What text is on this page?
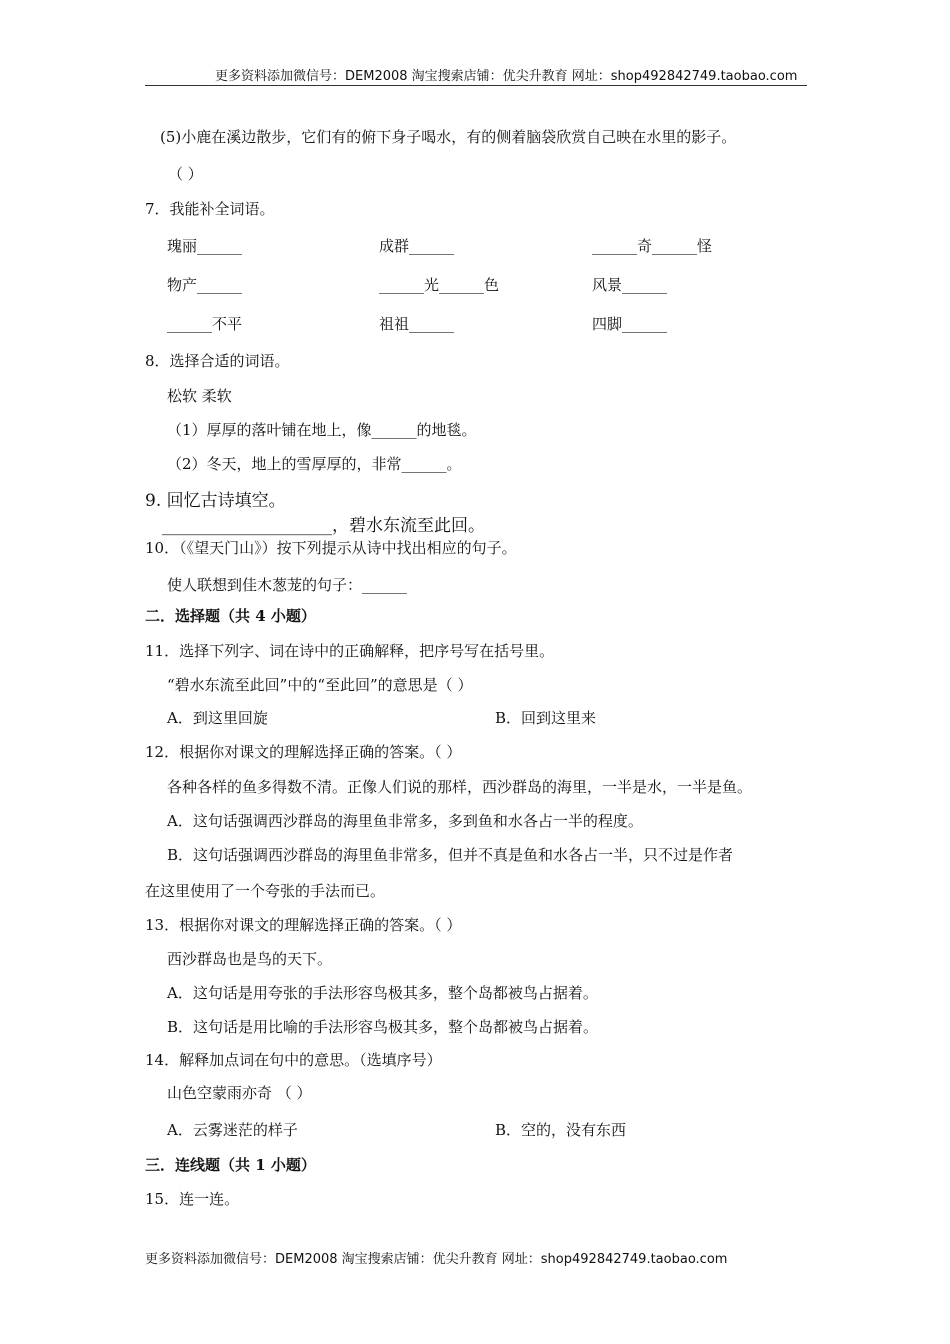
更多资料添加微信号：DEM2008 淘宝搜索店铺：优尖升教育 网址：shop492842749.taobao.com
(5)小鹿在溪边散步，它们有的俯下身子喝水，有的侧着脑袋欣赏自己映在水里的影子。
（ ）
7．我能补全词语。
瑰丽______	成群______	______奇______怪
物产______	______光______色	风景______
______不平	祖祖______	四脚______
8．选择合适的词语。
松软 柔软
（1）厚厚的落叶铺在地上，像______的地毯。
（2）冬天，地上的雪厚厚的，非常______。
9. 回忆古诗填空。
____________________，碧水东流至此回。
10．（《望天门山》）按下列提示从诗中找出相应的句子。
使人联想到佳木葱茏的句子：______
二．选择题（共 4 小题）
11．选择下列字、词在诗中的正确解释，把序号写在括号里。
“碧水东流至此回”中的“至此回”的意思是（ ）
A．到这里回旋	B．回到这里来
12．根据你对课文的理解选择正确的答案。（ ）
各种各样的鱼多得数不清。正像人们说的那样，西沙群岛的海里，一半是水，一半是鱼。
A．这句话强调西沙群岛的海里鱼非常多，多到鱼和水各占一半的程度。
B．这句话强调西沙群岛的海里鱼非常多，但并不真是鱼和水各占一半，只不过是作者
在这里使用了一个夸张的手法而已。
13．根据你对课文的理解选择正确的答案。（ ）
西沙群岛也是鸟的天下。
A．这句话是用夸张的手法形容鸟极其多，整个岛都被鸟占据着。
B．这句话是用比喻的手法形容鸟极其多，整个岛都被鸟占据着。
14．解释加点词在句中的意思。（选填序号）
山色空蒙雨亦奇 （ ）
A．云雾迷茫的样子	B．空的，没有东西
三．连线题（共 1 小题）
15．连一连。
更多资料添加微信号：DEM2008 淘宝搜索店铺：优尖升教育 网址：shop492842749.taobao.com
